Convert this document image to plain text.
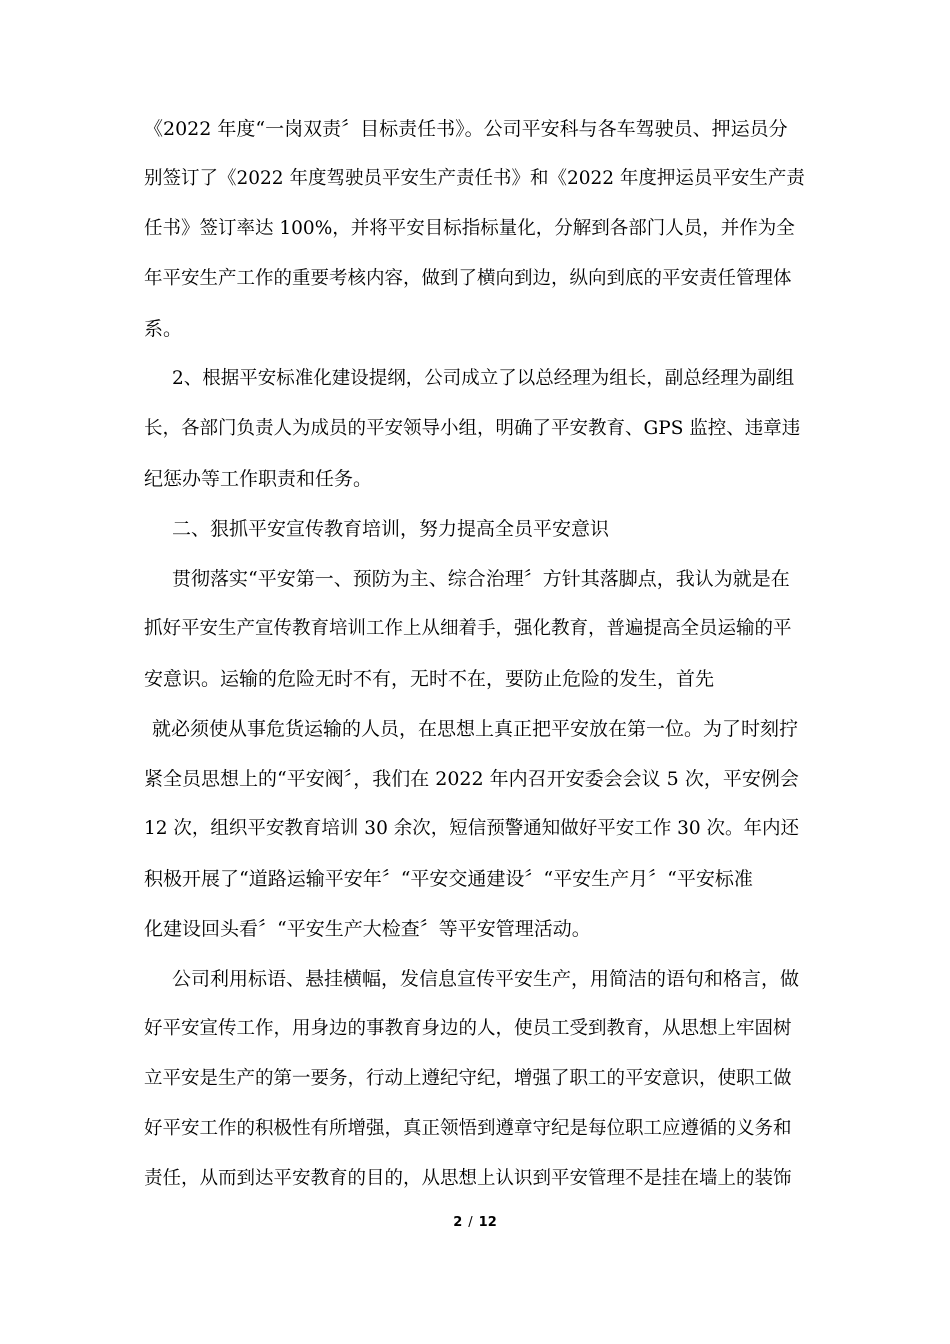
《2022 年度“一岗双责〞目标责任书》。公司平安科与各车驾驶员、押运员分
别签订了《2022 年度驾驶员平安生产责任书》和《2022 年度押运员平安生产责
任书》签订率达 100%，并将平安目标指标量化，分解到各部门人员，并作为全
年平安生产工作的重要考核内容，做到了横向到边，纵向到底的平安责任管理体
系。
2、根据平安标准化建设提纲，公司成立了以总经理为组长，副总经理为副组
长，各部门负责人为成员的平安领导小组，明确了平安教育、GPS 监控、违章违
纪惩办等工作职责和任务。
二、狠抓平安宣传教育培训，努力提高全员平安意识
贯彻落实“平安第一、预防为主、综合治理〞方针其落脚点，我认为就是在
抓好平安生产宣传教育培训工作上从细着手，强化教育，普遍提高全员运输的平
安意识。运输的危险无时不有，无时不在，要防止危险的发生，首先
就必须使从事危货运输的人员，在思想上真正把平安放在第一位。为了时刻拧
紧全员思想上的“平安阀〞，我们在 2022 年内召开安委会会议 5 次，平安例会
12 次，组织平安教育培训 30 余次，短信预警通知做好平安工作 30 次。年内还
积极开展了“道路运输平安年〞“平安交通建设〞“平安生产月〞“平安标准
化建设回头看〞“平安生产大检查〞等平安管理活动。
公司利用标语、悬挂横幅，发信息宣传平安生产，用简洁的语句和格言，做
好平安宣传工作，用身边的事教育身边的人，使员工受到教育，从思想上牢固树
立平安是生产的第一要务，行动上遵纪守纪，增强了职工的平安意识，使职工做
好平安工作的积极性有所增强，真正领悟到遵章守纪是每位职工应遵循的义务和
责任，从而到达平安教育的目的，从思想上认识到平安管理不是挂在墙上的装饰
2 / 12
